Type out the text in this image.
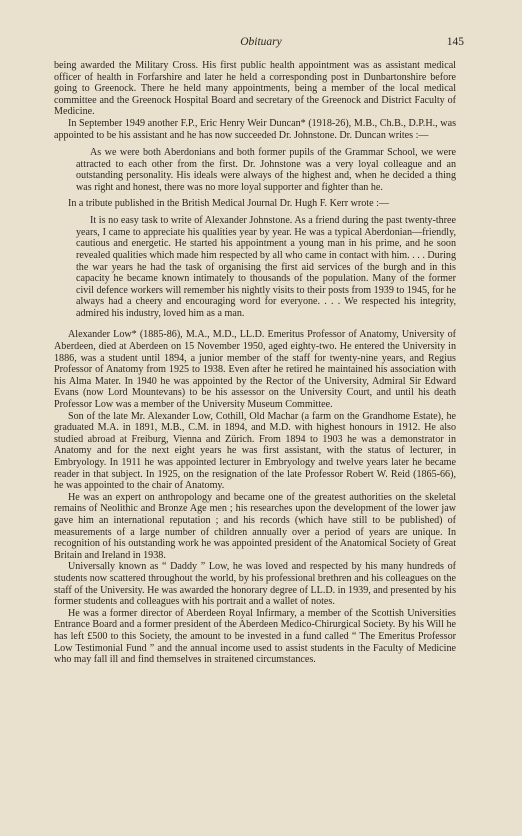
Obituary	145

being awarded the Military Cross. His first public health appointment was as assistant medical officer of health in Forfarshire and later he held a corresponding post in Dunbartonshire before going to Greenock. There he held many appointments, being a member of the local medical committee and the Greenock Hospital Board and secretary of the Greenock and District Faculty of Medicine.

In September 1949 another F.P., Eric Henry Weir Duncan* (1918-26), M.B., Ch.B., D.P.H., was appointed to be his assistant and he has now succeeded Dr. Johnstone. Dr. Duncan writes :—

As we were both Aberdonians and both former pupils of the Grammar School, we were attracted to each other from the first. Dr. Johnstone was a very loyal colleague and an outstanding personality. His ideals were always of the highest and, when he decided a thing was right and honest, there was no more loyal supporter and fighter than he.

In a tribute published in the British Medical Journal Dr. Hugh F. Kerr wrote :—

It is no easy task to write of Alexander Johnstone. As a friend during the past twenty-three years, I came to appreciate his qualities year by year. He was a typical Aberdonian—friendly, cautious and energetic. He started his appointment a young man in his prime, and he soon revealed qualities which made him respected by all who came in contact with him. . . . During the war years he had the task of organising the first aid services of the burgh and in this capacity he became known intimately to thousands of the population. Many of the former civil defence workers will remember his nightly visits to their posts from 1939 to 1945, for he always had a cheery and encouraging word for everyone. . . . We respected his integrity, admired his industry, loved him as a man.

Alexander Low* (1885-86), M.A., M.D., LL.D. Emeritus Professor of Anatomy, University of Aberdeen, died at Aberdeen on 15 November 1950, aged eighty-two. He entered the University in 1886, was a student until 1894, a junior member of the staff for twenty-nine years, and Regius Professor of Anatomy from 1925 to 1938. Even after he retired he maintained his association with his Alma Mater. In 1940 he was appointed by the Rector of the University, Admiral Sir Edward Evans (now Lord Mountevans) to be his assessor on the University Court, and until his death Professor Low was a member of the University Museum Committee.

Son of the late Mr. Alexander Low, Cothill, Old Machar (a farm on the Grandhome Estate), he graduated M.A. in 1891, M.B., C.M. in 1894, and M.D. with highest honours in 1912. He also studied abroad at Freiburg, Vienna and Zürich. From 1894 to 1903 he was a demonstrator in Anatomy and for the next eight years he was first assistant, with the status of lecturer, in Embryology. In 1911 he was appointed lecturer in Embryology and twelve years later he became reader in that subject. In 1925, on the resignation of the late Professor Robert W. Reid (1865-66), he was appointed to the chair of Anatomy.

He was an expert on anthropology and became one of the greatest authorities on the skeletal remains of Neolithic and Bronze Age men ; his researches upon the development of the lower jaw gave him an international reputation ; and his records (which have still to be published) of measurements of a large number of children annually over a period of years are unique. In recognition of his outstanding work he was appointed president of the Anatomical Society of Great Britain and Ireland in 1938.

Universally known as “ Daddy ” Low, he was loved and respected by his many hundreds of students now scattered throughout the world, by his professional brethren and his colleagues on the staff of the University. He was awarded the honorary degree of LL.D. in 1939, and presented by his former students and colleagues with his portrait and a wallet of notes.

He was a former director of Aberdeen Royal Infirmary, a member of the Scottish Universities Entrance Board and a former president of the Aberdeen Medico-Chirurgical Society. By his Will he has left £500 to this Society, the amount to be invested in a fund called “ The Emeritus Professor Low Testimonial Fund ” and the annual income used to assist students in the Faculty of Medicine who may fall ill and find themselves in straitened circumstances.
